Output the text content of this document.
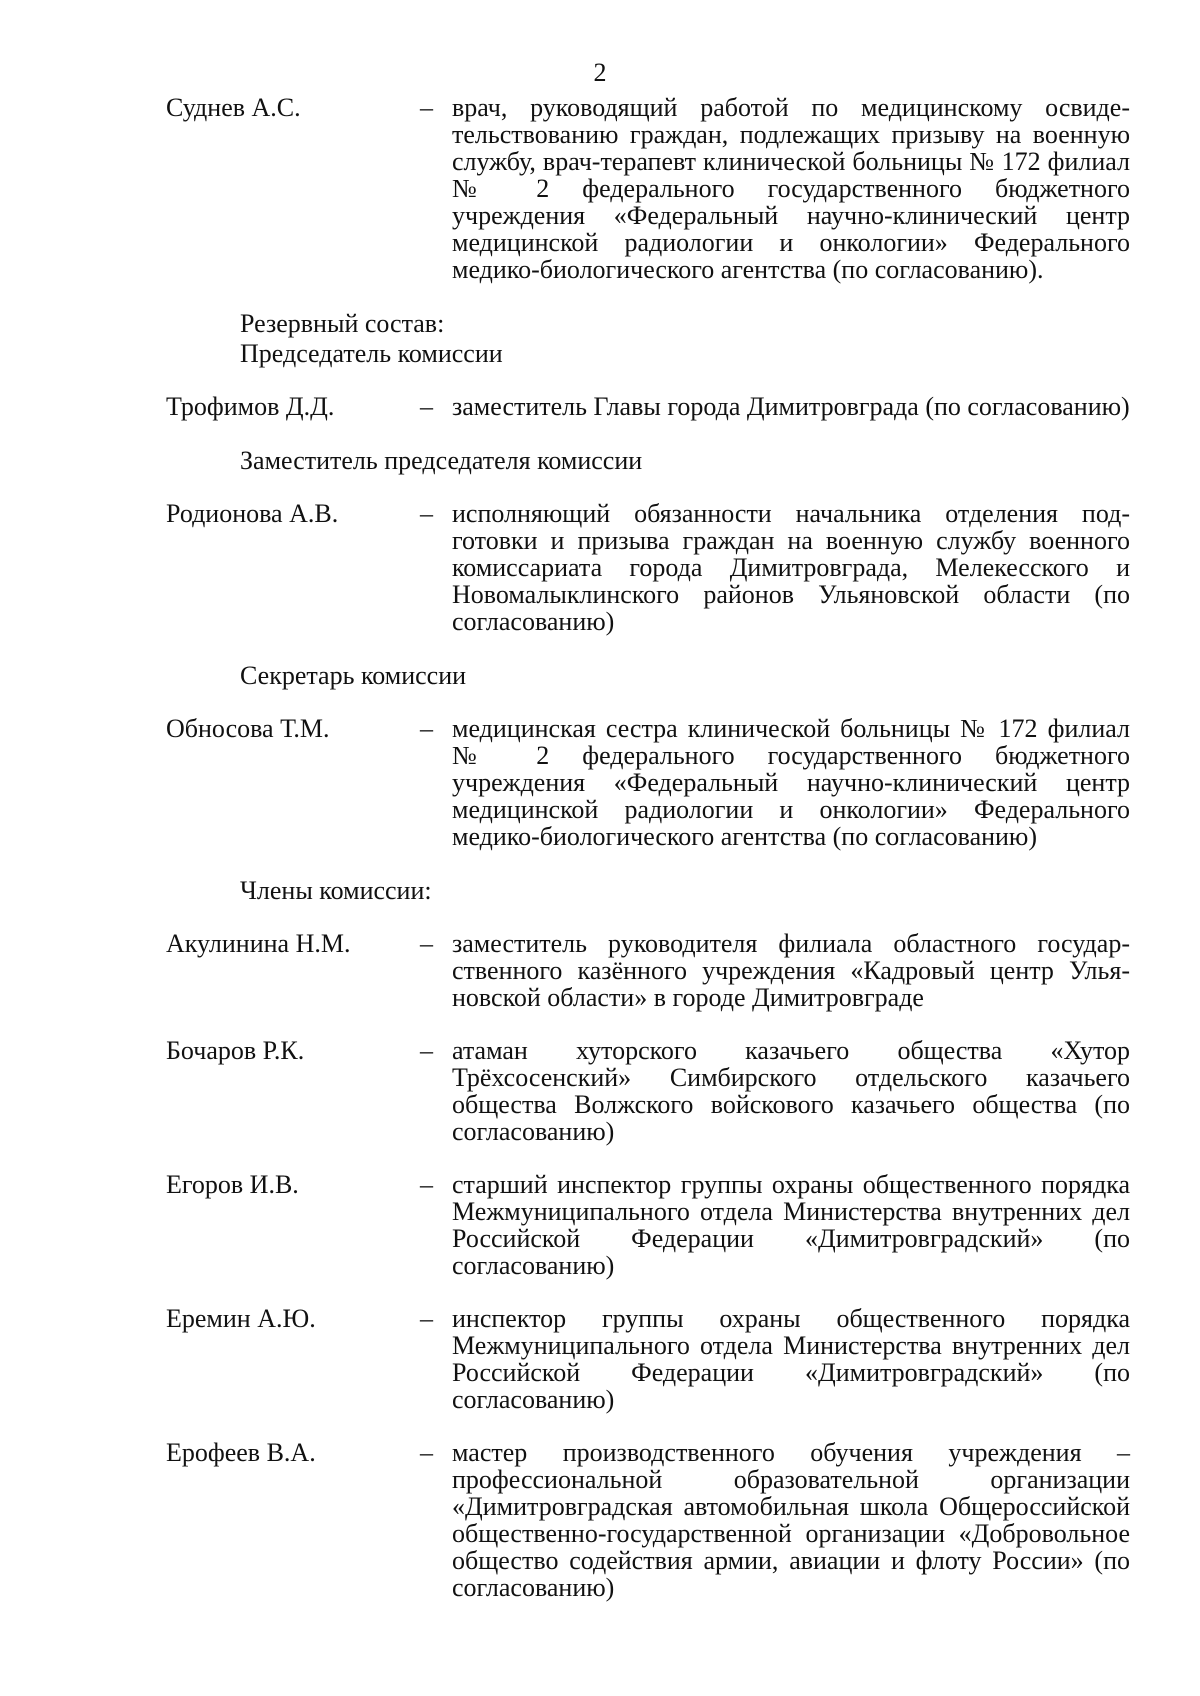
2
Суднев А.С.	– врач, руководящий работой по медицинскому освидетельствованию граждан, подлежащих призыву на военную службу, врач-терапевт клинической больницы № 172 филиал № 2 федерального государственного бюджетного учреждения «Федеральный научно-клинический центр медицинской радиологии и онкологии» Федерального медико-биологического агентства (по согласованию).
Резервный состав:
Председатель комиссии
Трофимов Д.Д.	– заместитель Главы города Димитровграда (по согласованию)
Заместитель председателя комиссии
Родионова А.В.	– исполняющий обязанности начальника отделения подготовки и призыва граждан на военную службу военного комиссариата города Димитровграда, Мелекесского и Новомалыклинского районов Ульяновской области (по согласованию)
Секретарь комиссии
Обносова Т.М.	– медицинская сестра клинической больницы № 172 филиал № 2 федерального государственного бюджетного учреждения «Федеральный научно-клинический центр медицинской радиологии и онкологии» Федерального медико-биологического агентства (по согласованию)
Члены комиссии:
Акулинина Н.М.	– заместитель руководителя филиала областного государственного казённого учреждения «Кадровый центр Ульяновской области» в городе Димитровграде
Бочаров Р.К.	– атаман хуторского казачьего общества «Хутор Трёхсосенский» Симбирского отдельского казачьего общества Волжского войскового казачьего общества (по согласованию)
Егоров И.В.	– старший инспектор группы охраны общественного порядка Межмуниципального отдела Министерства внутренних дел Российской Федерации «Димитровградский» (по согласованию)
Еремин А.Ю.	– инспектор группы охраны общественного порядка Межмуниципального отдела Министерства внутренних дел Российской Федерации «Димитровградский» (по согласованию)
Ерофеев В.А.	– мастер производственного обучения учреждения – профессиональной образовательной организации «Димитровградская автомобильная школа Общероссийской общественно-государственной организации «Добровольное общество содействия армии, авиации и флоту России» (по согласованию)
